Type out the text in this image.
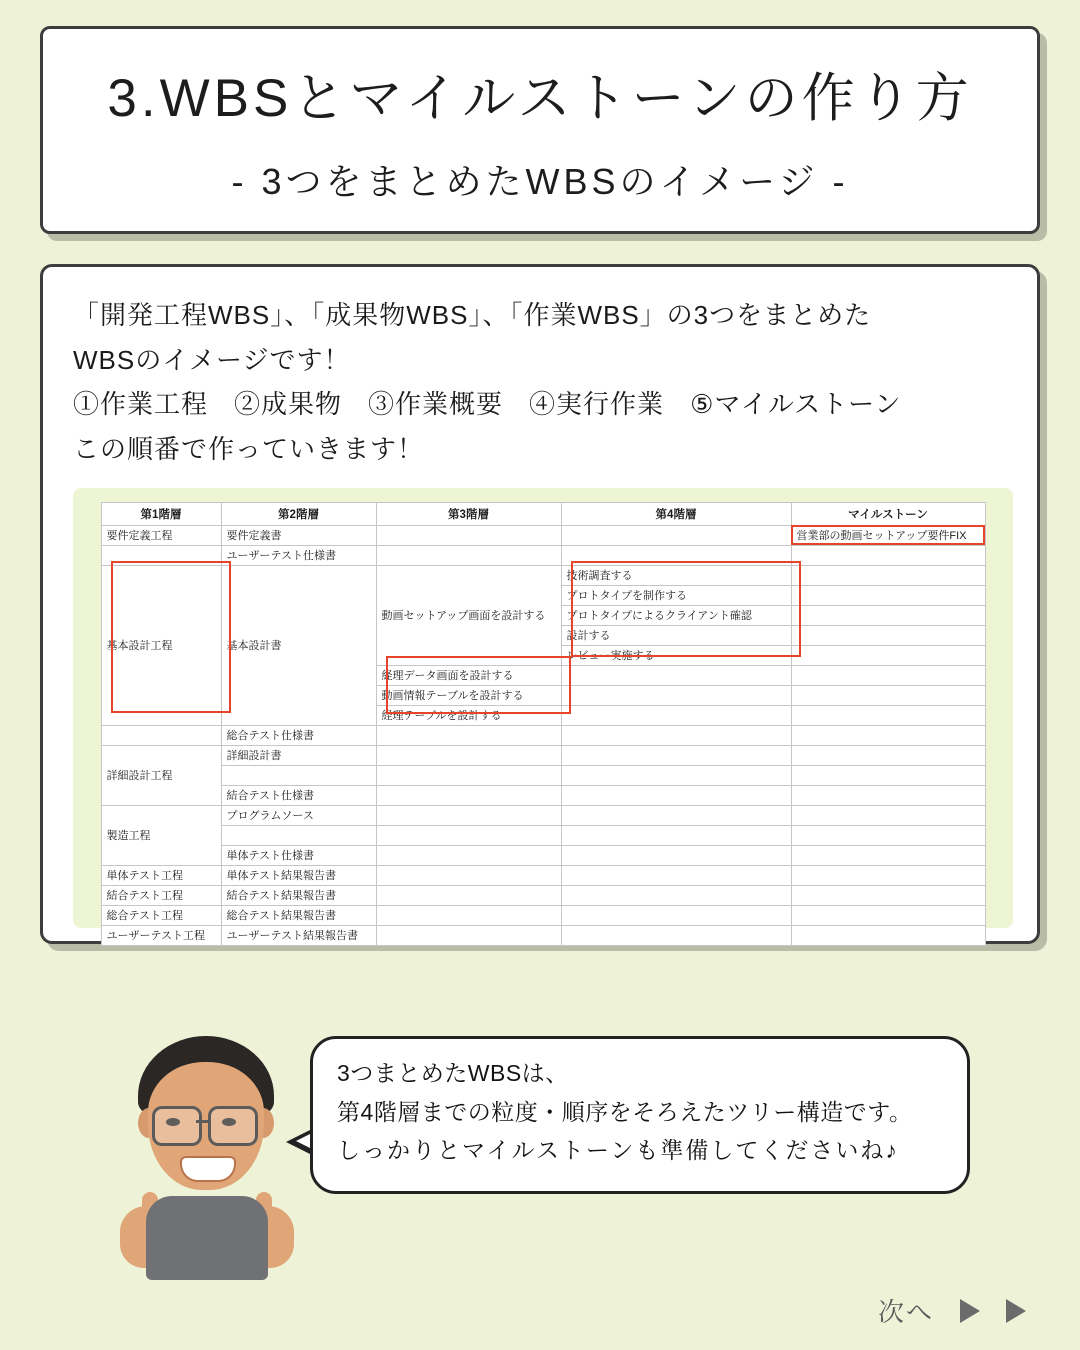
3.WBSとマイルストーンの作り方
- 3つをまとめたWBSのイメージ -
「開発工程WBS」、「成果物WBS」、「作業WBS」の3つをまとめた
WBSのイメージです！
①作業工程 ②成果物 ③作業概要 ④実行作業 ⑤マイルストーン
この順番で作っていきます！
第1階層	第2階層	第3階層	第4階層	マイルストーン
要件定義工程	要件定義書			営業部の動画セットアップ要件FIX
	ユーザーテスト仕様書			
基本設計工程	基本設計書	動画セットアップ画面を設計する	技術調査する	
			プロトタイプを制作する	
			プロトタイプによるクライアント確認	
			設計する	
			レビュー実施する	
		経理データ画面を設計する		
		動画情報テーブルを設計する		
		経理テーブルを設計する		
	総合テスト仕様書			
詳細設計工程	詳細設計書			

	結合テスト仕様書			
製造工程	プログラムソース			

	単体テスト仕様書			
単体テスト工程	単体テスト結果報告書			
結合テスト工程	結合テスト結果報告書			
総合テスト工程	総合テスト結果報告書			
ユーザーテスト工程	ユーザーテスト結果報告書			

3つまとめたWBSは、

第4階層までの粒度・順序をそろえたツリー構造です。

しっかりとマイルストーンも準備してくださいね♪

次へ
